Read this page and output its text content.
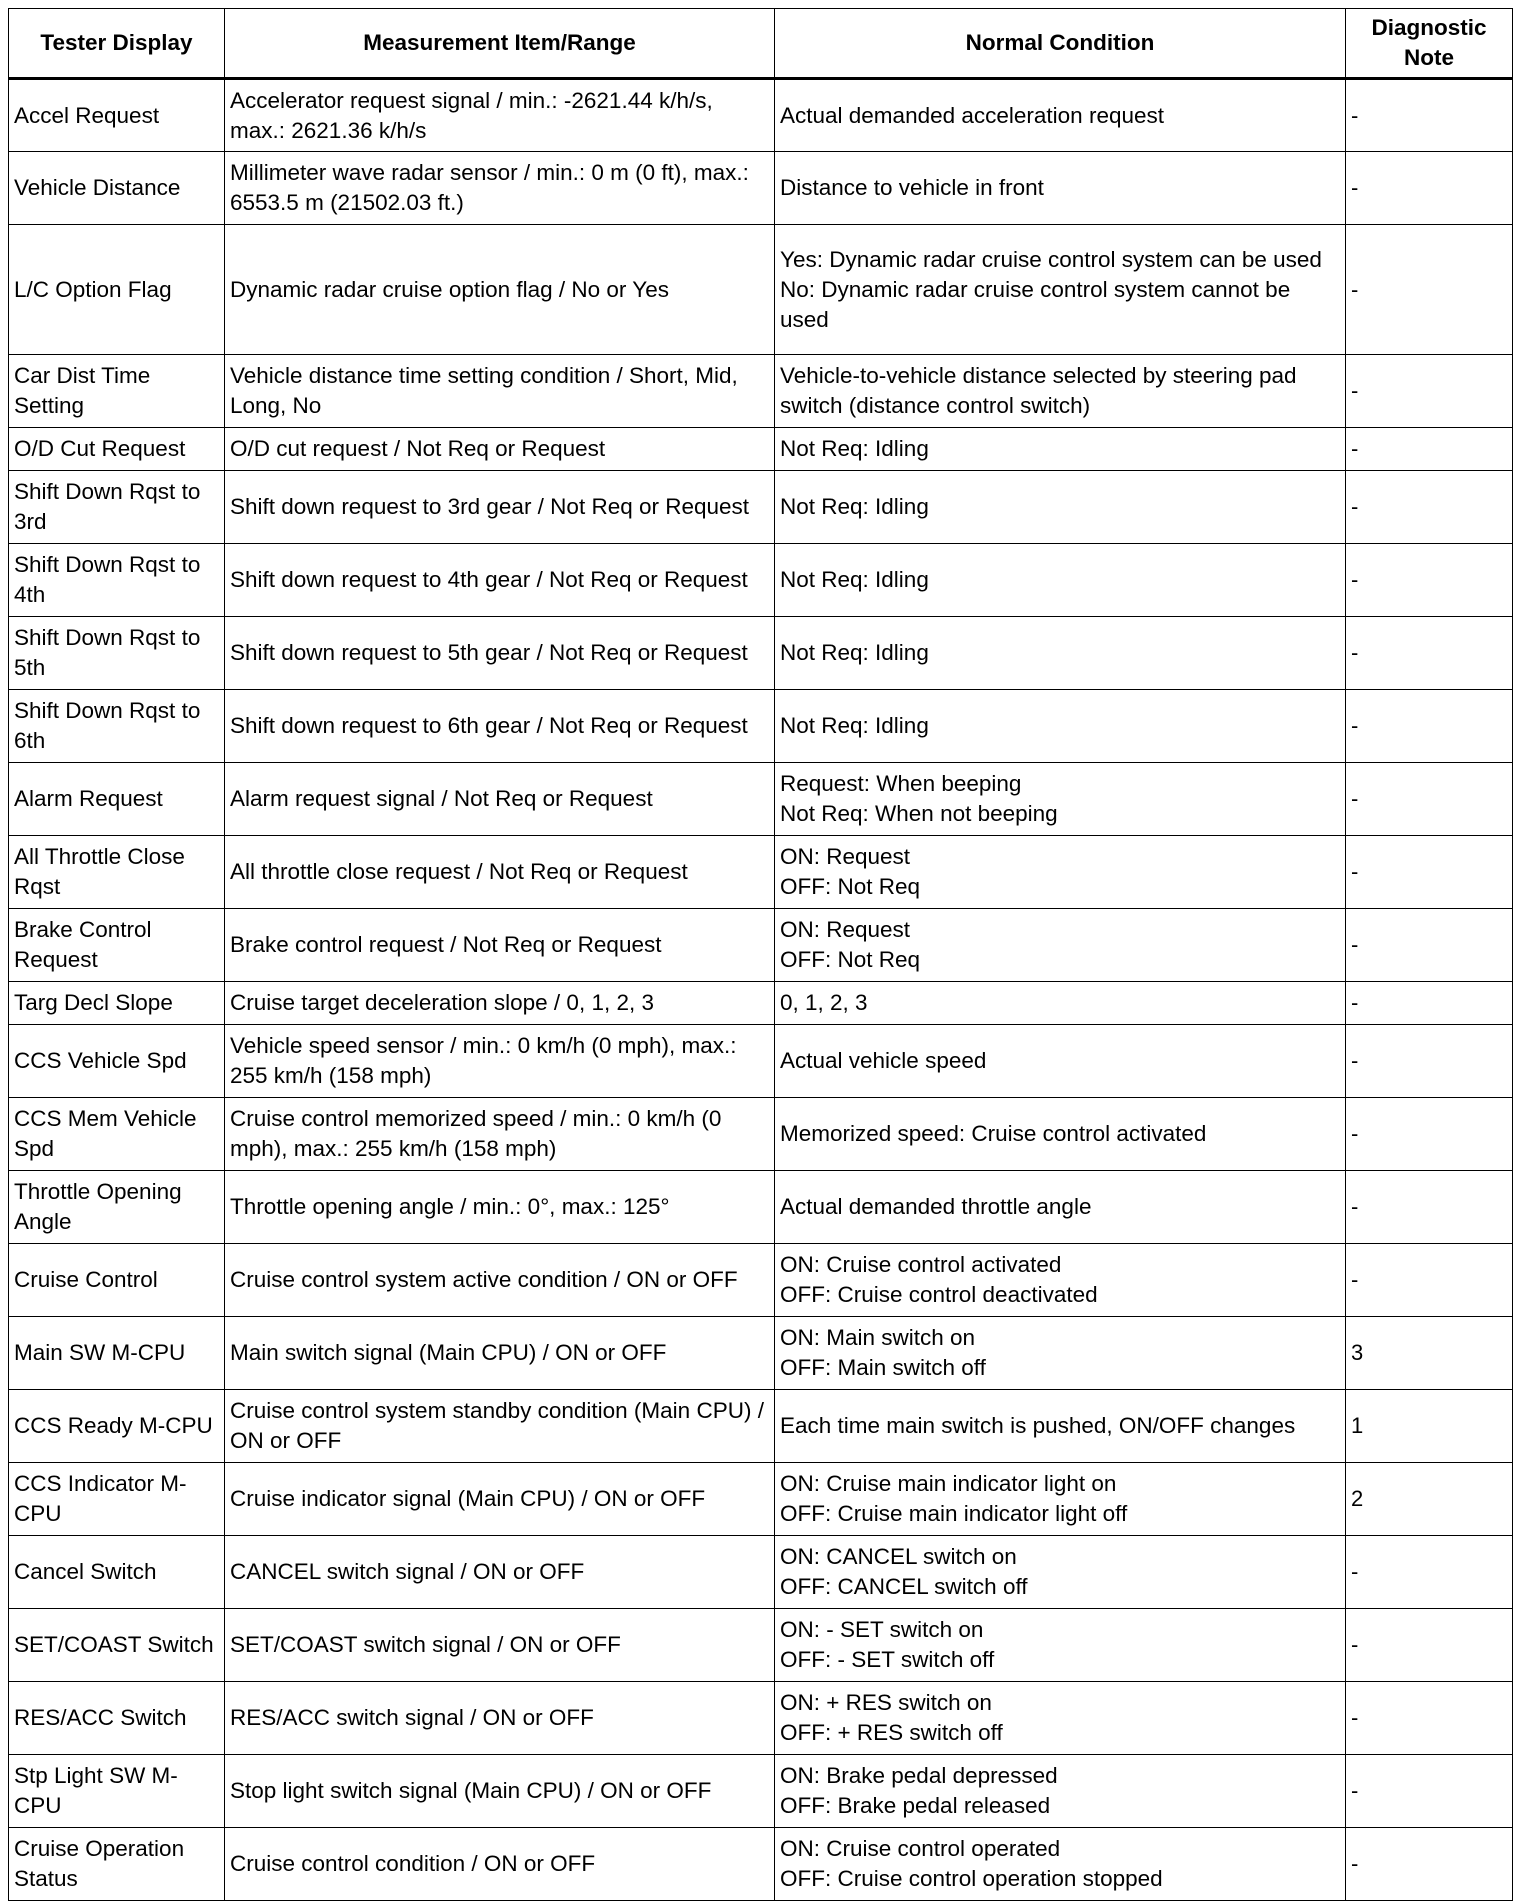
Tester Display	Measurement Item/Range	Normal Condition	Diagnostic
Note
Accel Request	Accelerator request signal / min.: -2621.44 k/h/s, max.: 2621.36 k/h/s	Actual demanded acceleration request	-
Vehicle Distance	Millimeter wave radar sensor / min.: 0 m (0 ft), max.: 6553.5 m (21502.03 ft.)	Distance to vehicle in front	-
L/C Option Flag	Dynamic radar cruise option flag / No or Yes	Yes: Dynamic radar cruise control system can be used
No: Dynamic radar cruise control system cannot be used	-
Car Dist Time Setting	Vehicle distance time setting condition / Short, Mid, Long, No	Vehicle-to-vehicle distance selected by steering pad switch (distance control switch)	-
O/D Cut Request	O/D cut request / Not Req or Request	Not Req: Idling	-
Shift Down Rqst to 3rd	Shift down request to 3rd gear / Not Req or Request	Not Req: Idling	-
Shift Down Rqst to 4th	Shift down request to 4th gear / Not Req or Request	Not Req: Idling	-
Shift Down Rqst to 5th	Shift down request to 5th gear / Not Req or Request	Not Req: Idling	-
Shift Down Rqst to 6th	Shift down request to 6th gear / Not Req or Request	Not Req: Idling	-
Alarm Request	Alarm request signal / Not Req or Request	Request: When beeping
Not Req: When not beeping	-
All Throttle Close Rqst	All throttle close request / Not Req or Request	ON: Request
OFF: Not Req	-
Brake Control Request	Brake control request / Not Req or Request	ON: Request
OFF: Not Req	-
Targ Decl Slope	Cruise target deceleration slope / 0, 1, 2, 3	0, 1, 2, 3	-
CCS Vehicle Spd	Vehicle speed sensor / min.: 0 km/h (0 mph), max.: 255 km/h (158 mph)	Actual vehicle speed	-
CCS Mem Vehicle Spd	Cruise control memorized speed / min.: 0 km/h (0 mph), max.: 255 km/h (158 mph)	Memorized speed: Cruise control activated	-
Throttle Opening Angle	Throttle opening angle / min.: 0°, max.: 125°	Actual demanded throttle angle	-
Cruise Control	Cruise control system active condition / ON or OFF	ON: Cruise control activated
OFF: Cruise control deactivated	-
Main SW M-CPU	Main switch signal (Main CPU) / ON or OFF	ON: Main switch on
OFF: Main switch off	3
CCS Ready M-CPU	Cruise control system standby condition (Main CPU) / ON or OFF	Each time main switch is pushed, ON/OFF changes	1
CCS Indicator M-CPU	Cruise indicator signal (Main CPU) / ON or OFF	ON: Cruise main indicator light on
OFF: Cruise main indicator light off	2
Cancel Switch	CANCEL switch signal / ON or OFF	ON: CANCEL switch on
OFF: CANCEL switch off	-
SET/COAST Switch	SET/COAST switch signal / ON or OFF	ON: - SET switch on
OFF: - SET switch off	-
RES/ACC Switch	RES/ACC switch signal / ON or OFF	ON: + RES switch on
OFF: + RES switch off	-
Stp Light SW M-CPU	Stop light switch signal (Main CPU) / ON or OFF	ON: Brake pedal depressed
OFF: Brake pedal released	-
Cruise Operation Status	Cruise control condition / ON or OFF	ON: Cruise control operated
OFF: Cruise control operation stopped	-
